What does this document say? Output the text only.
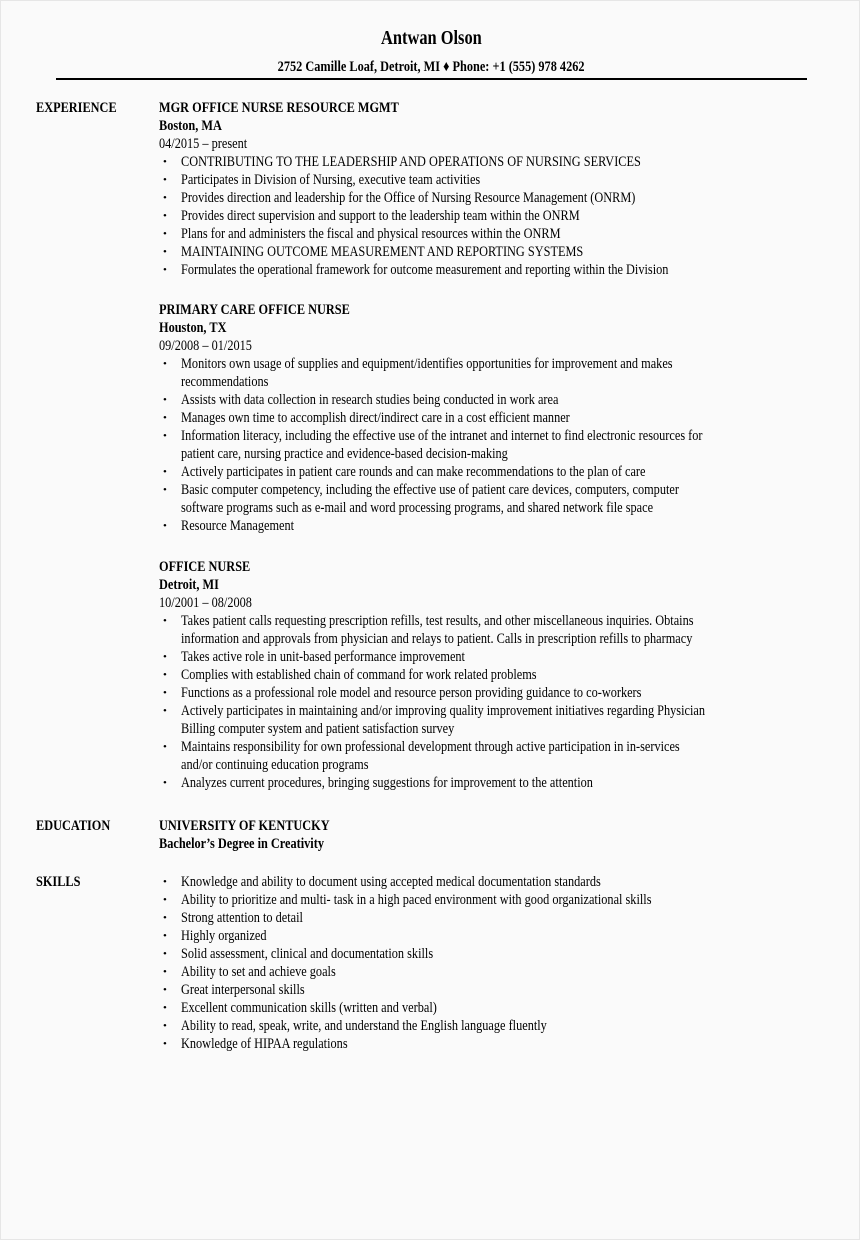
Antwan Olson
2752 Camille Loaf, Detroit, MI ♦ Phone: +1 (555) 978 4262
EXPERIENCE	MGR OFFICE NURSE RESOURCE MGMT
Boston, MA
04/2015 – present
• CONTRIBUTING TO THE LEADERSHIP AND OPERATIONS OF NURSING SERVICES
• Participates in Division of Nursing, executive team activities
• Provides direction and leadership for the Office of Nursing Resource Management (ONRM)
• Provides direct supervision and support to the leadership team within the ONRM
• Plans for and administers the fiscal and physical resources within the ONRM
• MAINTAINING OUTCOME MEASUREMENT AND REPORTING SYSTEMS
• Formulates the operational framework for outcome measurement and reporting within the Division
PRIMARY CARE OFFICE NURSE
Houston, TX
09/2008 – 01/2015
• Monitors own usage of supplies and equipment/identifies opportunities for improvement and makes
recommendations
• Assists with data collection in research studies being conducted in work area
• Manages own time to accomplish direct/indirect care in a cost efficient manner
• Information literacy, including the effective use of the intranet and internet to find electronic resources for
patient care, nursing practice and evidence-based decision-making
• Actively participates in patient care rounds and can make recommendations to the plan of care
• Basic computer competency, including the effective use of patient care devices, computers, computer
software programs such as e-mail and word processing programs, and shared network file space
• Resource Management
OFFICE NURSE
Detroit, MI
10/2001 – 08/2008
• Takes patient calls requesting prescription refills, test results, and other miscellaneous inquiries. Obtains
information and approvals from physician and relays to patient. Calls in prescription refills to pharmacy
• Takes active role in unit-based performance improvement
• Complies with established chain of command for work related problems
• Functions as a professional role model and resource person providing guidance to co-workers
• Actively participates in maintaining and/or improving quality improvement initiatives regarding Physician
Billing computer system and patient satisfaction survey
• Maintains responsibility for own professional development through active participation in in-services
and/or continuing education programs
• Analyzes current procedures, bringing suggestions for improvement to the attention
EDUCATION	UNIVERSITY OF KENTUCKY
Bachelor’s Degree in Creativity
SKILLS	• Knowledge and ability to document using accepted medical documentation standards
• Ability to prioritize and multi- task in a high paced environment with good organizational skills
• Strong attention to detail
• Highly organized
• Solid assessment, clinical and documentation skills
• Ability to set and achieve goals
• Great interpersonal skills
• Excellent communication skills (written and verbal)
• Ability to read, speak, write, and understand the English language fluently
• Knowledge of HIPAA regulations
